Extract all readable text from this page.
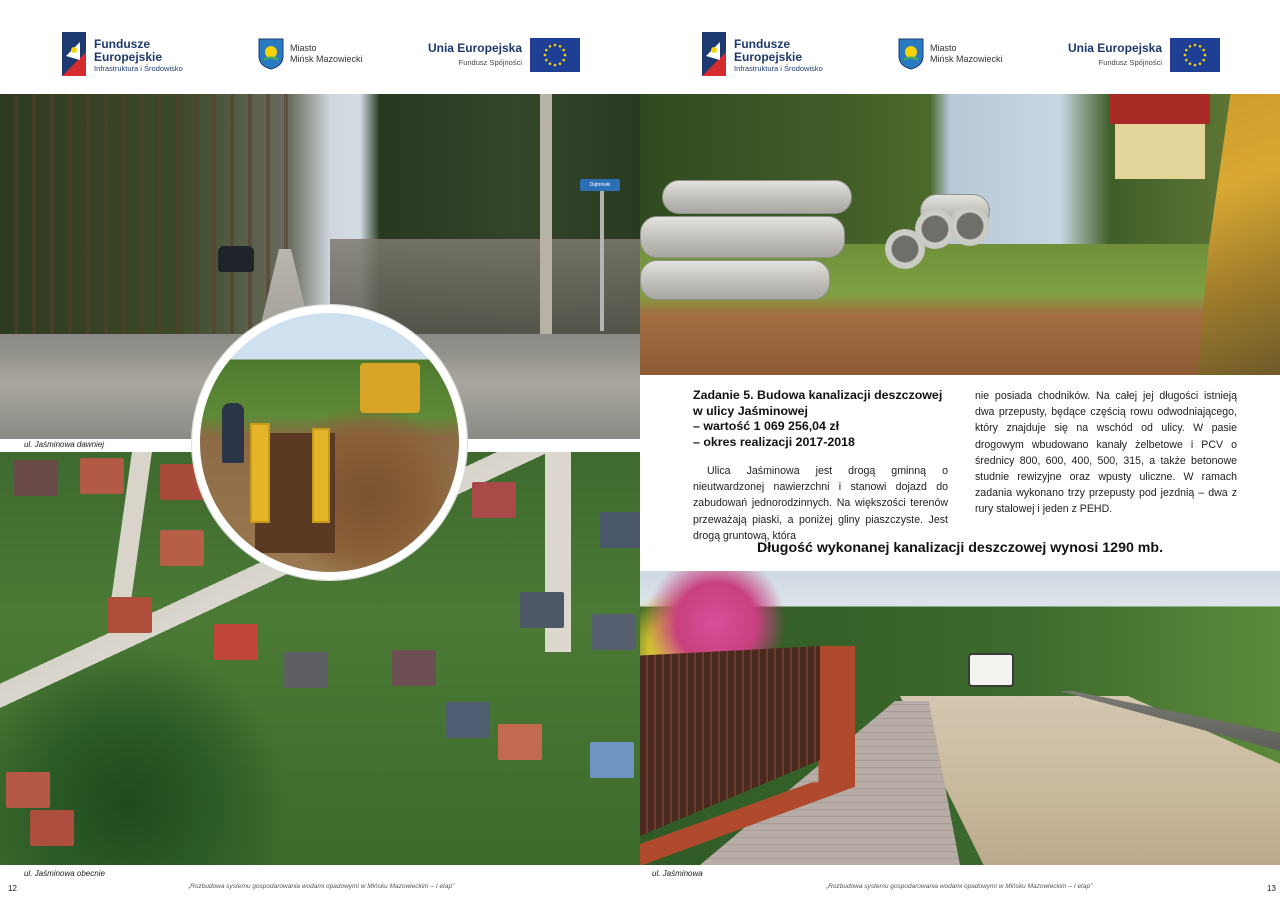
Fundusze
Europejskie
Infrastruktura i Środowisko
Miasto
Mińsk Mazowiecki
Unia Europejska
Fundusz Spójności
Dąbrówki
ul. Jaśminowa dawniej
ul. Jaśminowa obecnie
12	„Rozbudowa systemu gospodarowania wodami opadowymi w Mińsku Mazowieckim – I etap”
Fundusze
Europejskie
Infrastruktura i Środowisko
Miasto
Mińsk Mazowiecki
Unia Europejska
Fundusz Spójności
ul. Jaśminowa
„Rozbudowa systemu gospodarowania wodami opadowymi w Mińsku Mazowieckim – I etap”	13
Zadanie 5. Budowa kanalizacji deszczowej w ulicy Jaśminowej
– wartość 1 069 256,04 zł
– okres realizacji 2017-2018

Ulica Jaśminowa jest drogą gminną o nieutwardzonej nawierzchni i stanowi dojazd do zabudowań jednorodzinnych. Na większości terenów przeważają piaski, a poniżej gliny piaszczyste. Jest drogą gruntową, która

nie posiada chodników. Na całej jej długości istnieją dwa przepusty, będące częścią rowu odwodniającego, który znajduje się na wschód od ulicy. W pasie drogowym wbudowano kanały żelbetowe i PCV o średnicy 800, 600, 400, 500, 315, a także betonowe studnie rewizyjne oraz wpusty uliczne. W ramach zadania wykonano trzy przepusty pod jezdnią – dwa z rury stalowej i jeden z PEHD.

Długość wykonanej kanalizacji deszczowej wynosi 1290 mb.
